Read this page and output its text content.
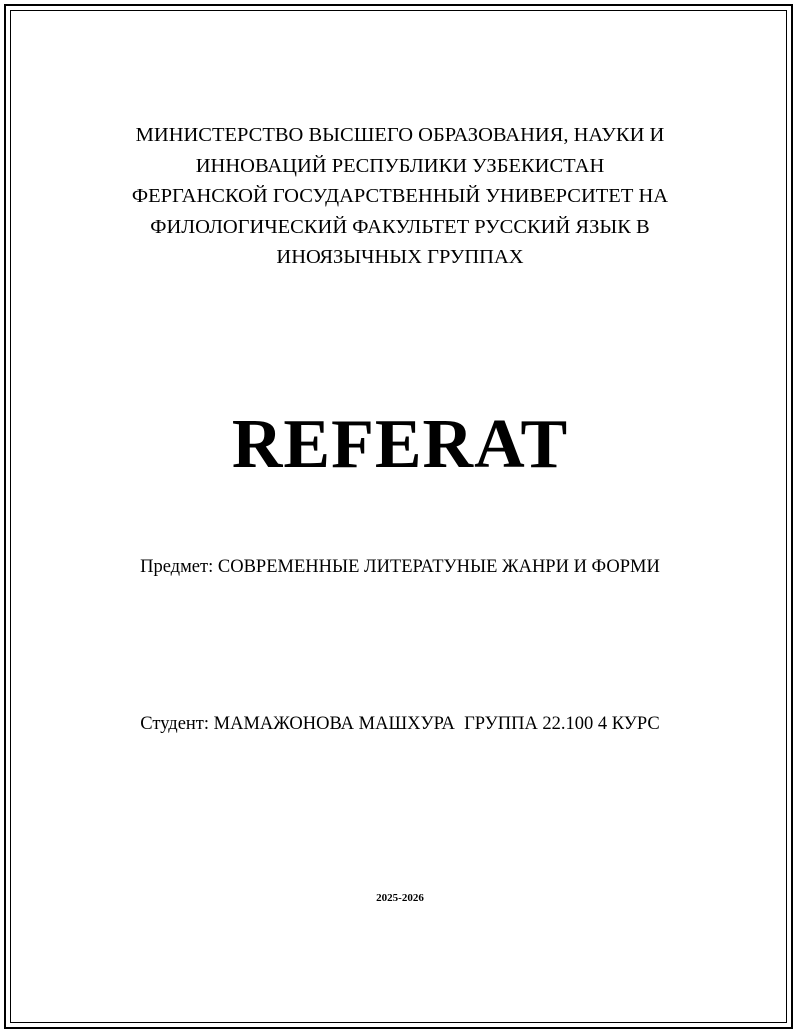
МИНИСТЕРСТВО ВЫСШЕГО ОБРАЗОВАНИЯ, НАУКИ И
ИННОВАЦИЙ РЕСПУБЛИКИ УЗБЕКИСТАН
ФЕРГАНСКОЙ ГОСУДАРСТВЕННЫЙ УНИВЕРСИТЕТ НА
ФИЛОЛОГИЧЕСКИЙ ФАКУЛЬТЕТ РУССКИЙ ЯЗЫК В
ИНОЯЗЫЧНЫХ ГРУППАХ
REFERAT
Предмет: СОВРЕМЕННЫЕ ЛИТЕРАТУНЫЕ ЖАНРИ И ФОРМИ
Студент: МАМАЖОНОВА МАШХУРА  ГРУППА 22.100 4 КУРС
2025-2026
